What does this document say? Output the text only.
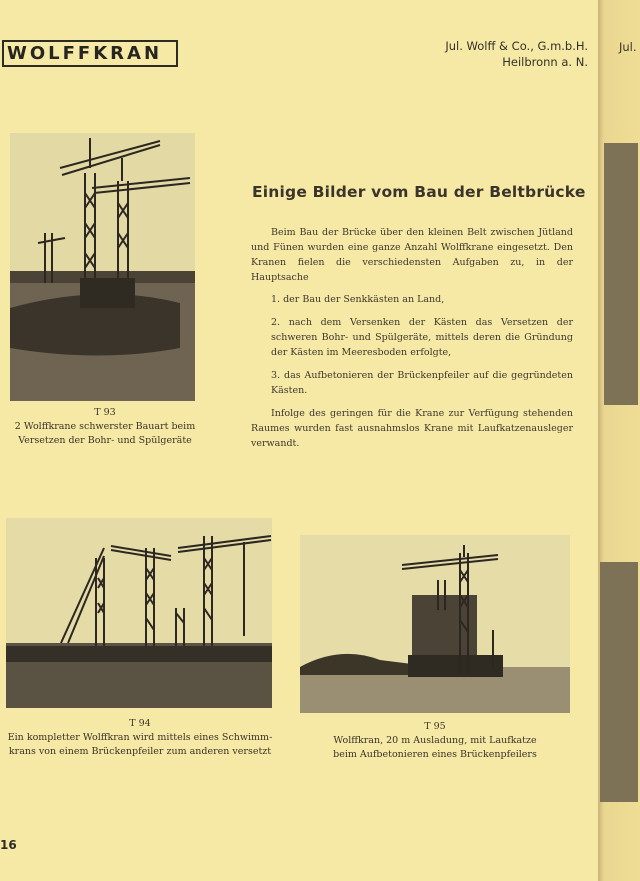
Jul.
WOLFFKRAN	Jul. Wolff & Co., G.m.b.H.
Heilbronn a. N.
T 93
2 Wolffkrane schwerster Bauart beim
Versetzen der Bohr- und Spülgeräte
Einige Bilder vom Bau der Beltbrücke

Beim Bau der Brücke über den kleinen Belt zwischen Jütland und Fünen wurden eine ganze Anzahl Wolffkrane eingesetzt. Den Kranen fielen die verschiedensten Aufgaben zu, in der Hauptsache

1. der Bau der Senkkästen an Land,

2. nach dem Versenken der Kästen das Versetzen der schweren Bohr- und Spülgeräte, mittels deren die Gründung der Kästen im Meeresboden erfolgte,

3. das Aufbetonieren der Brückenpfeiler auf die gegründeten Kästen.

Infolge des geringen für die Krane zur Verfügung stehenden Raumes wurden fast ausnahmslos Krane mit Laufkatzenausleger verwandt.

T 94
Ein kompletter Wolffkran wird mittels eines Schwimm-
krans von einem Brückenpfeiler zum anderen versetzt
T 95
Wolffkran, 20 m Ausladung, mit Laufkatze
beim Aufbetonieren eines Brückenpfeilers
16
